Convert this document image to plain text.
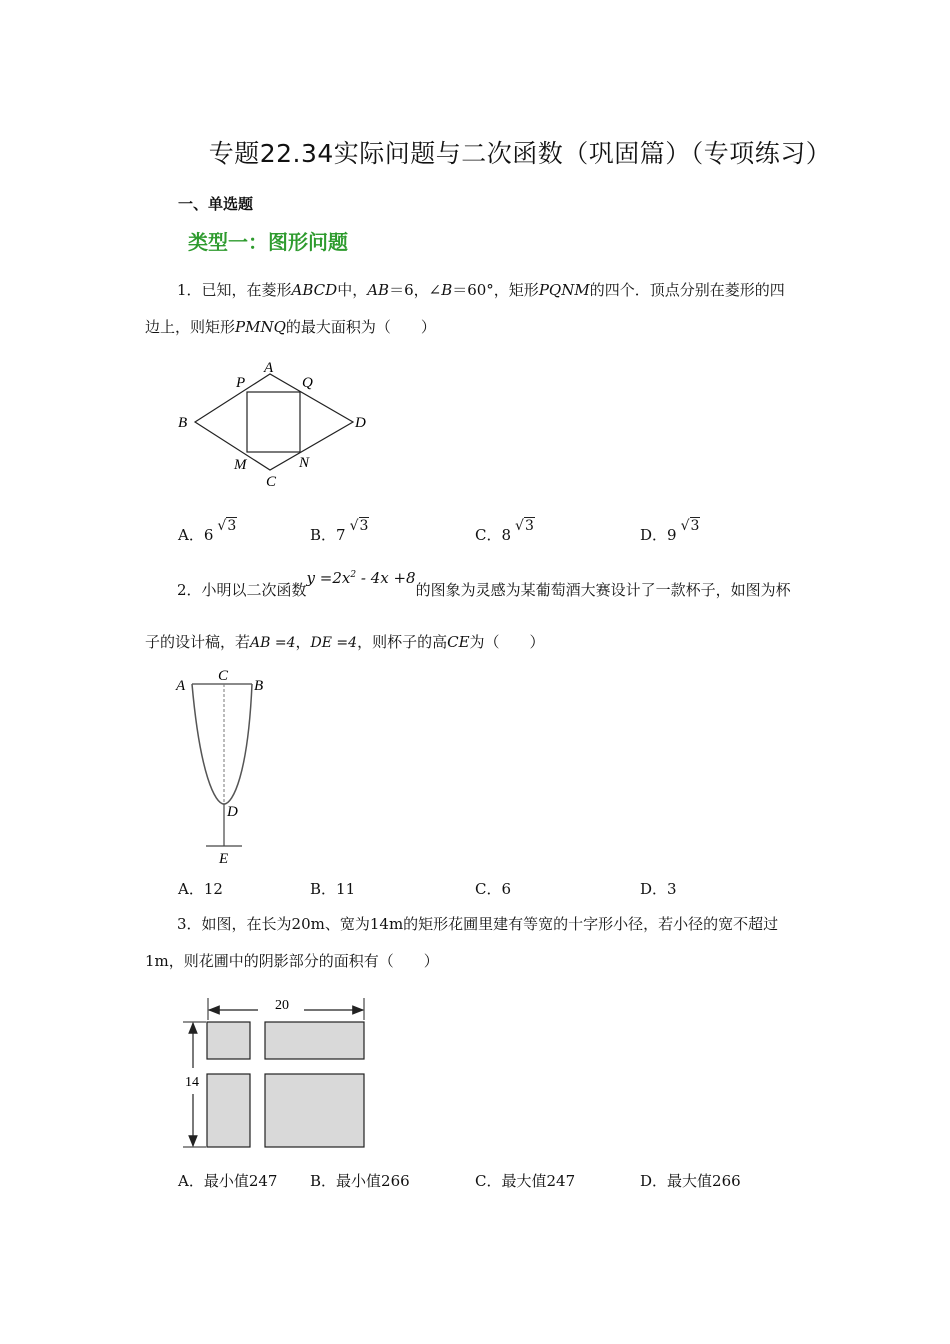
专题22.34实际问题与二次函数（巩固篇）（专项练习）
一、单选题
类型一：图形问题
1．已知，在菱形ABCD中，AB＝6，∠B＝60°，矩形PQNM的四个．顶点分别在菱形的四
边上，则矩形PMNQ的最大面积为（　　）
A
P	Q
B	D
M	N
C
A．6 √3	B．7 √3	C．8 √3	D．9 √3
2．小明以二次函数$y =2x^2 - 4x +8$的图象为灵感为某葡萄酒大赛设计了一款杯子，如图为杯
子的设计稿，若AB =4，DE =4，则杯子的高CE为（　　）
A
C
B
D
E
A．12	B．11	C．6	D．3
3．如图，在长为20m、宽为14m的矩形花圃里建有等宽的十字形小径，若小径的宽不超过
1m，则花圃中的阴影部分的面积有（　　）
20
14
A．最小值247 B．最小值266	C．最大值247	D．最大值266
